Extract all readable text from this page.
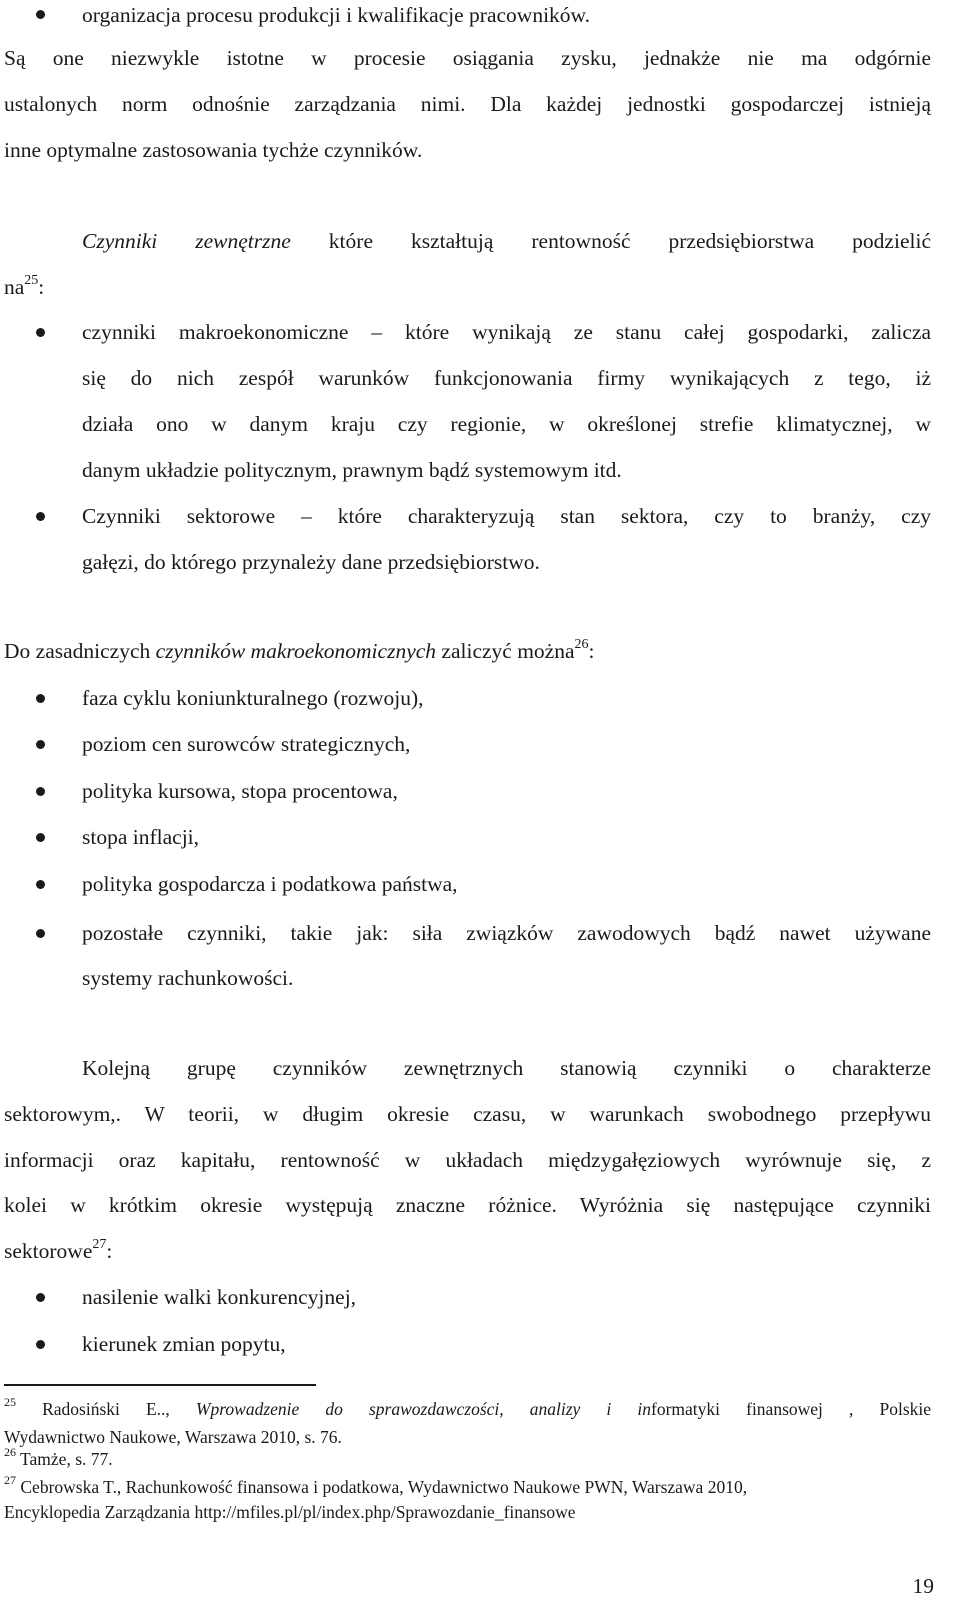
organizacja procesu produkcji i kwalifikacje pracowników.
Są one niezwykle istotne w procesie osiągania zysku, jednakże nie ma odgórnie
ustalonych norm odnośnie zarządzania nimi. Dla każdej jednostki gospodarczej istnieją
inne optymalne zastosowania tychże czynników.
Czynniki zewnętrzne które kształtują rentowność przedsiębiorstwa podzielić
$na^{25}$:
czynniki makroekonomiczne – które wynikają ze stanu całej gospodarki, zalicza
się do nich zespół warunków funkcjonowania firmy wynikających z tego, iż
działa ono w danym kraju czy regionie, w określonej strefie klimatycznej, w
danym układzie politycznym, prawnym bądź systemowym itd.
Czynniki sektorowe – które charakteryzują stan sektora, czy to branży, czy
gałęzi, do którego przynależy dane przedsiębiorstwo.
Do zasadniczych czynników makroekonomicznych zaliczyć można$^{26}$:
faza cyklu koniunkturalnego (rozwoju),
poziom cen surowców strategicznych,
polityka kursowa, stopa procentowa,
stopa inflacji,
polityka gospodarcza i podatkowa państwa,
pozostałe czynniki, takie jak: siła związków zawodowych bądź nawet używane
systemy rachunkowości.
Kolejną grupę czynników zewnętrznych stanowią czynniki o charakterze
sektorowym,. W teorii, w długim okresie czasu, w warunkach swobodnego przepływu
informacji oraz kapitału, rentowność w układach międzygałęziowych wyrównuje się, z
kolei w krótkim okresie występują znaczne różnice. Wyróżnia się następujące czynniki
sektorowe$^{27}$:
nasilenie walki konkurencyjnej,
kierunek zmian popytu,
$^{25}$ Radosiński E.., Wprowadzenie do sprawozdawczości, analizy i informatyki finansowej , Polskie
Wydawnictwo Naukowe, Warszawa 2010, s. 76.
$^{26}$ Tamże, s. 77.
$^{27}$ Cebrowska T., Rachunkowość finansowa i podatkowa, Wydawnictwo Naukowe PWN, Warszawa 2010,
Encyklopedia Zarządzania http://mfiles.pl/pl/index.php/Sprawozdanie_finansowe
19
